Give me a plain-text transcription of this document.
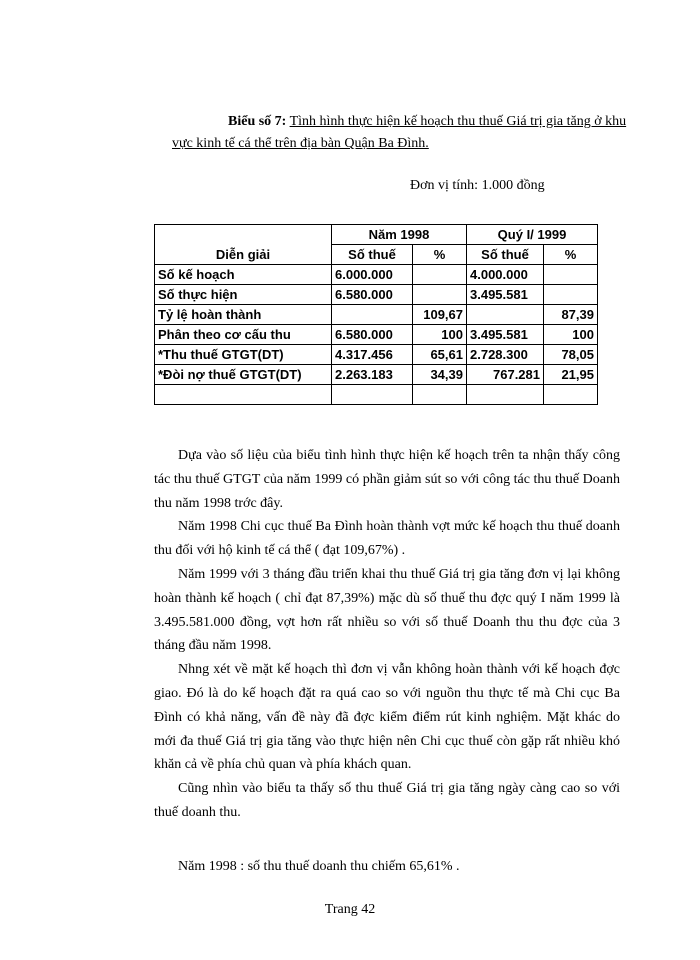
Biểu số 7: Tình hình thực hiện kế hoạch thu thuế Giá trị gia tăng ở khu vực kinh tế cá thể trên địa bàn Quận Ba Đình.
Đơn vị tính: 1.000 đồng
	Năm 1998		Quý I/ 1999	
Diễn giải	Số thuế	%	Số thuế	%
Số kế hoạch	6.000.000		4.000.000	
Số thực hiện	6.580.000		3.495.581	
Tỷ lệ hoàn thành		109,67		87,39
Phân theo cơ cấu thu	6.580.000	100	3.495.581	100
*Thu thuế GTGT(DT)	4.317.456	65,61	2.728.300	78,05
*Đòi nợ thuế GTGT(DT)	2.263.183	34,39	767.281	21,95

Dựa vào số liệu của biểu tình hình thực hiện kế hoạch trên ta nhận thấy công tác thu thuế GTGT của năm 1999 có phần giảm sút so với công tác thu thuế Doanh thu năm 1998 trớc đây.

Năm 1998 Chi cục thuế Ba Đình hoàn thành vợt mức kế hoạch thu thuế doanh thu đối với hộ kinh tế cá thể ( đạt 109,67%) .

Năm 1999 với 3 tháng đầu triển khai thu thuế Giá trị gia tăng đơn vị lại không hoàn thành kế hoạch ( chỉ đạt 87,39%) mặc dù số thuế thu đợc quý I năm 1999 là 3.495.581.000 đồng, vợt hơn rất nhiều so với số thuế Doanh thu thu đợc của 3 tháng đầu năm 1998.

Nhng xét về mặt kế hoạch thì đơn vị vẫn không hoàn thành với kế hoạch đợc giao. Đó là do kế hoạch đặt ra quá cao so với nguồn thu thực tế mà Chi cục Ba Đình có khả năng, vấn đề này đã đợc kiểm điểm rút kinh nghiệm. Mặt khác do mới đa thuế Giá trị gia tăng vào thực hiện nên Chi cục thuế còn gặp rất nhiều khó khăn cả về phía chủ quan và phía khách quan.

Cũng nhìn vào biểu ta thấy số thu thuế Giá trị gia tăng ngày càng cao so với thuế doanh thu.

Năm 1998 : số thu thuế doanh thu chiếm 65,61% .

Trang 42
